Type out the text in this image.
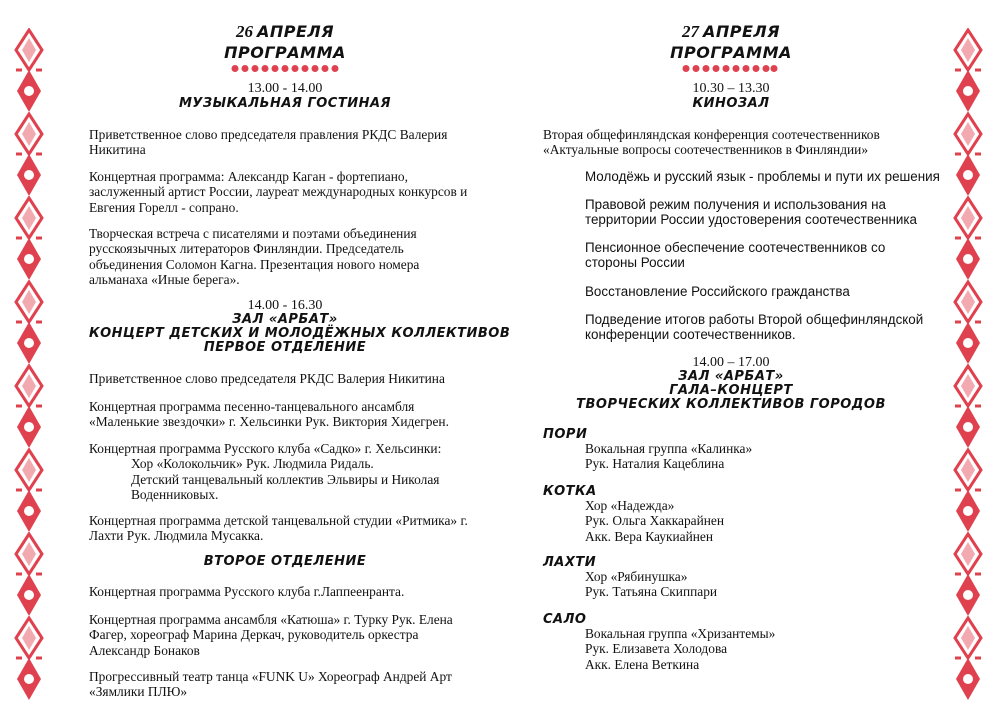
26 АПРЕЛЯ
ПРОГРАММА
13.00 - 14.00
МУЗЫКАЛЬНАЯ ГОСТИНАЯ
Приветственное слово председателя правления РКДС Валерия Никитина
Концертная программа: Александр Каган - фортепиано, заслуженный артист России, лауреат международных конкурсов и Евгения Горелл - сопрано.
Творческая встреча с писателями и поэтами объединения русскоязычных литераторов Финляндии. Председатель объединения Соломон Кагна. Презентация нового номера альманаха «Иные берега».
14.00 - 16.30
ЗАЛ «АРБАТ»
КОНЦЕРТ ДЕТСКИХ И МОЛОДЁЖНЫХ КОЛЛЕКТИВОВ
ПЕРВОЕ ОТДЕЛЕНИЕ
Приветственное слово председателя РКДС Валерия Никитина
Концертная программа песенно-танцевального ансамбля «Маленькие звездочки» г. Хельсинки Рук. Виктория Хидегрен.
Концертная программа Русского клуба «Садко» г. Хельсинки:
Хор «Колокольчик» Рук. Людмила Ридаль.
Детский танцевальный коллектив Эльвиры и Николая
Воденниковых.
Концертная программа детской танцевальной студии «Ритмика» г. Лахти Рук. Людмила Мусакка.
ВТОРОЕ ОТДЕЛЕНИЕ
Концертная программа Русского клуба г.Лаппеенранта.
Концертная программа ансамбля «Катюша» г. Турку Рук. Елена Фагер, хореограф Марина Деркач, руководитель оркестра Александр Бонаков
Прогрессивный театр танца «FUNK U» Хореограф Андрей Арт «Зямлики ПЛЮ»
27 АПРЕЛЯ
ПРОГРАММА
10.30 – 13.30
КИНОЗАЛ
Вторая общефинляндская конференция соотечественников «Актуальные вопросы соотечественников в Финляндии»
Молодёжь и русский язык - проблемы и пути их решения
Правовой режим получения и использования на территории России удостоверения соотечественника
Пенсионное обеспечение соотечественников со стороны России
Восстановление Российского гражданства
Подведение итогов работы Второй общефинляндской конференции соотечественников.
14.00 – 17.00
ЗАЛ «АРБАТ»
ГАЛА–КОНЦЕРТ
ТВОРЧЕСКИХ КОЛЛЕКТИВОВ ГОРОДОВ
ПОРИ
Вокальная группа «Калинка»
Рук. Наталия Кацеблина
КОТКА
Хор «Надежда»
Рук. Ольга Хаккарайнен
Акк. Вера Каукиайнен
ЛАХТИ
Хор «Рябинушка»
Рук. Татьяна Скиппари
САЛО
Вокальная группа «Хризантемы»
Рук. Елизавета Холодова
Акк. Елена Веткина
